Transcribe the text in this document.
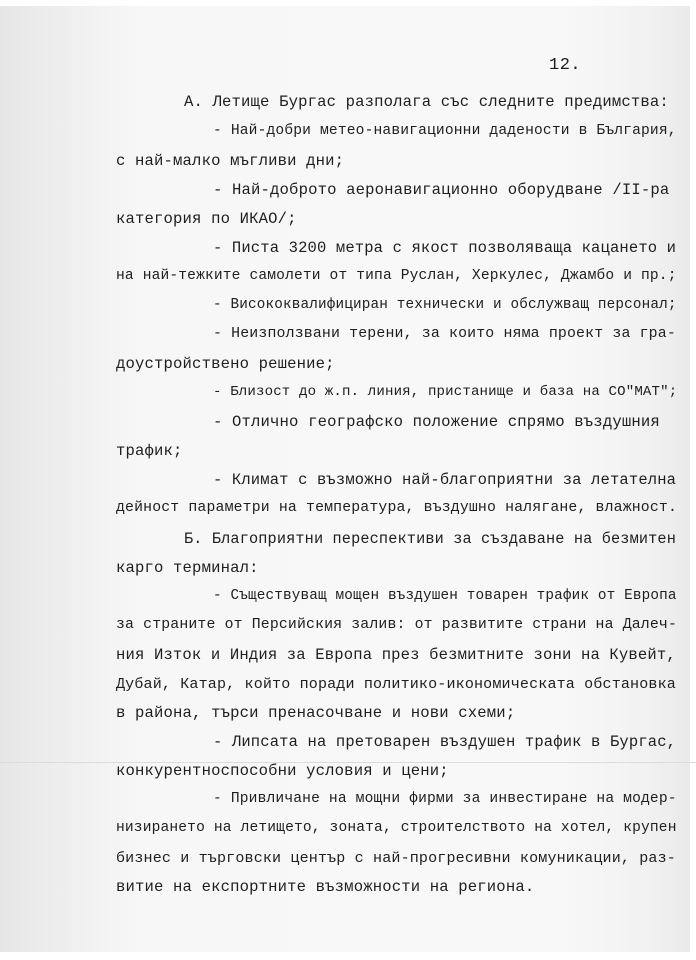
12.
А. Летище Бургас разполага със следните предимства:
- Най-добри метео-навигационни дадености в България,
с най-малко мъгливи дни;
- Най-доброто аеронавигационно оборудване /II-ра
категория по ИКАО/;
- Писта 3200 метра с якост позволяваща кацането и
на най-тежките самолети от типа Руслан, Херкулес, Джамбо и пр.;
- Висококвалифициран технически и обслужващ персонал;
- Неизползвани терени, за които няма проект за гра-
доустройствено решение;
- Близост до ж.п. линия, пристанище и база на СО"МАТ";
- Отлично географско положение спрямо въздушния
трафик;
- Климат с възможно най-благоприятни за летателна
дейност параметри на температура, въздушно налягане, влажност.
Б. Благоприятни переспективи за създаване на безмитен
карго терминал:
- Съществуващ мощен въздушен товарен трафик от Европа
за страните от Персийския залив: от развитите страни на Далеч-
ния Изток и Индия за Европа през безмитните зони на Кувейт,
Дубай, Катар, който поради политико-икономическата обстановка
в района, търси пренасочване и нови схеми;
- Липсата на претоварен въздушен трафик в Бургас,
конкурентноспособни условия и цени;
- Привличане на мощни фирми за инвестиране на модер-
низирането на летището, зоната, строителството на хотел, крупен
бизнес и търговски център с най-прогресивни комуникации, раз-
витие на експортните възможности на региона.
